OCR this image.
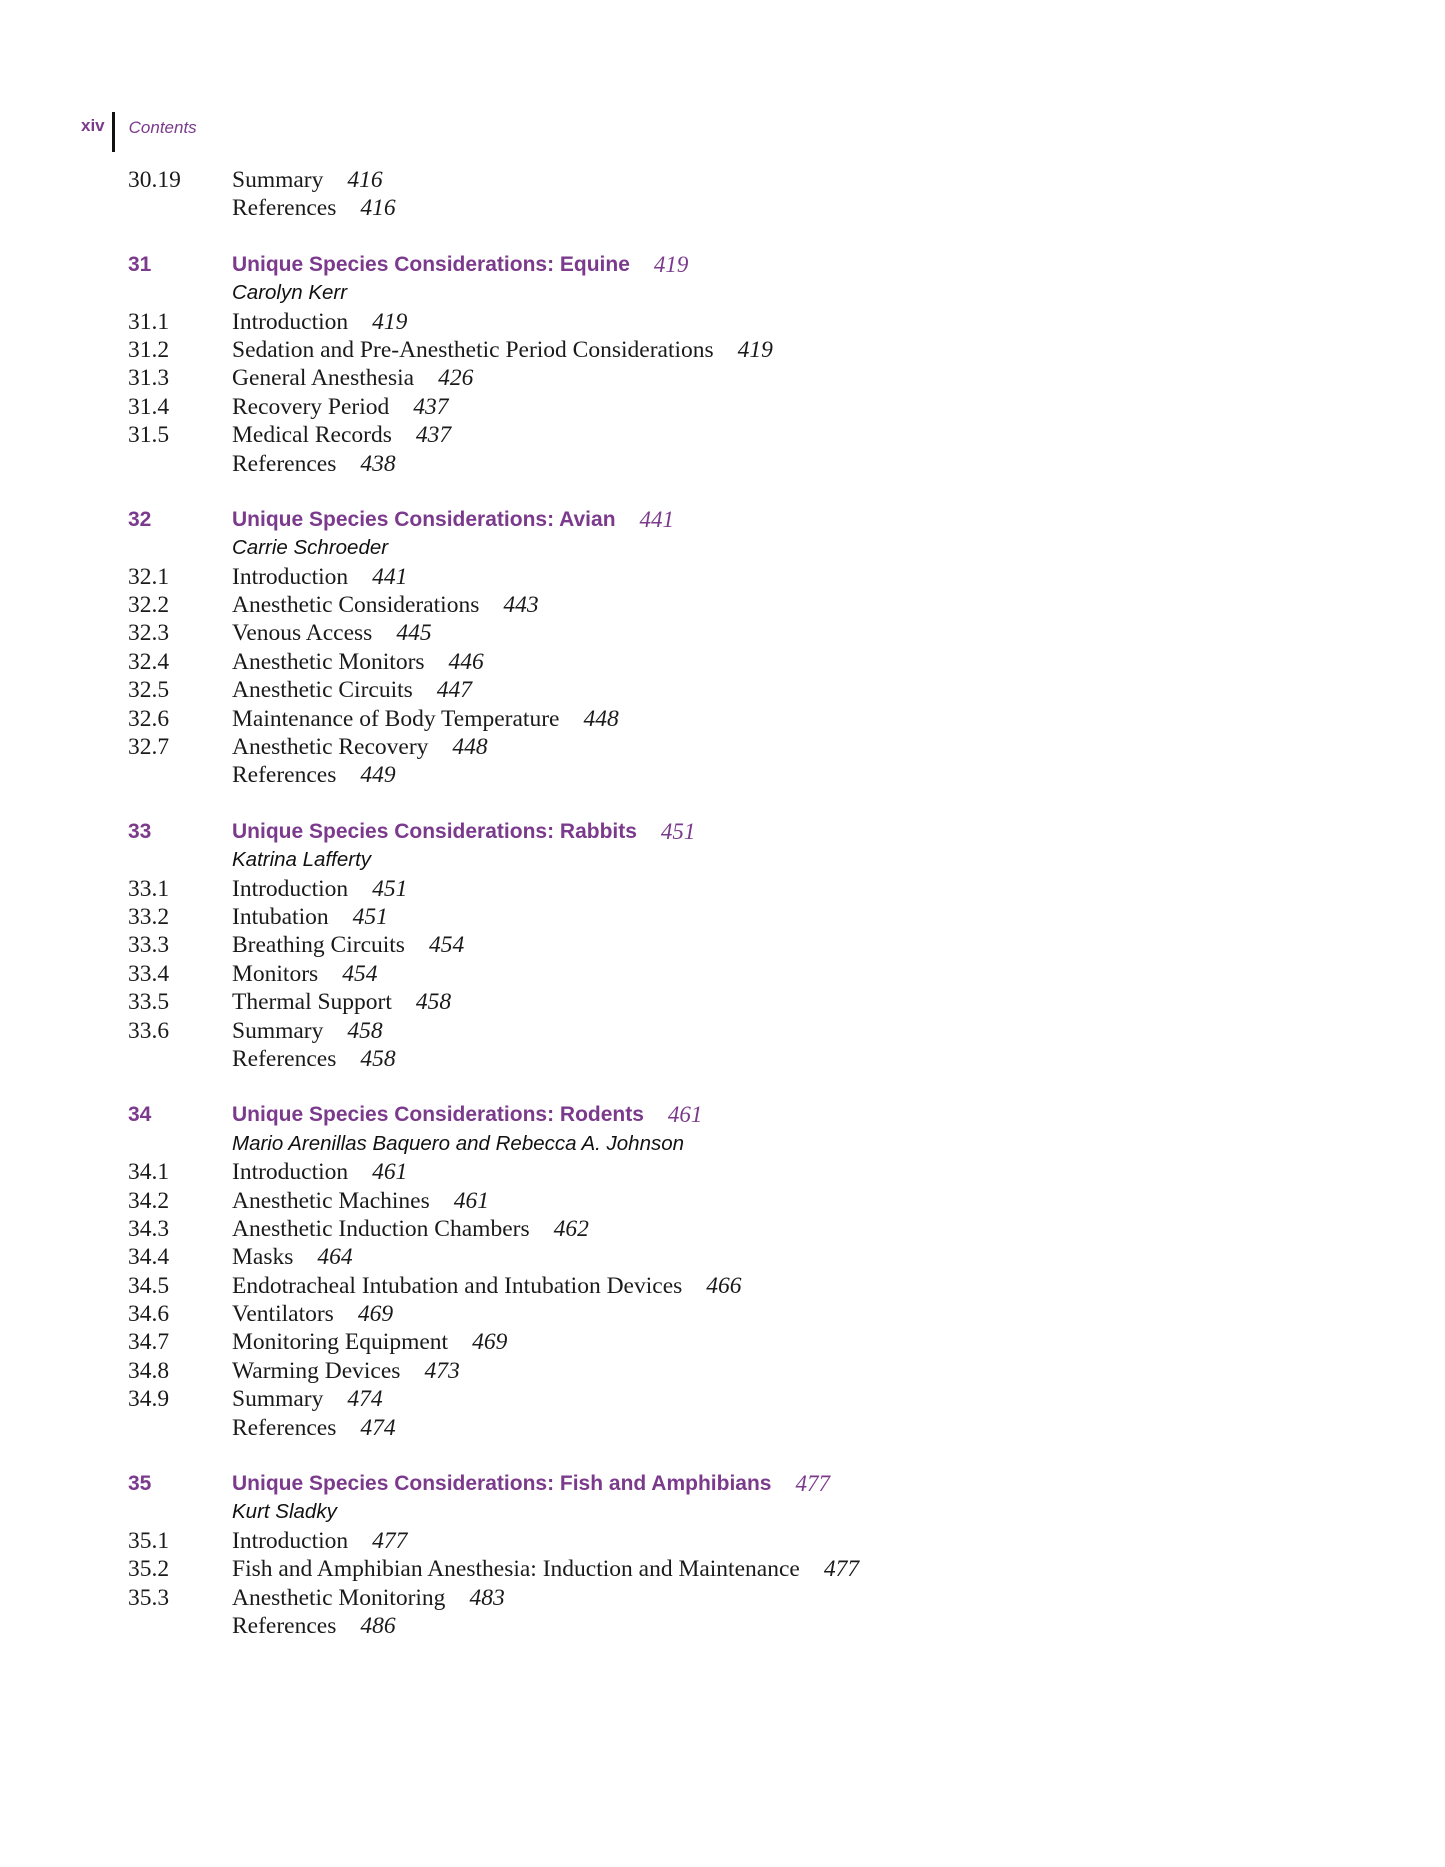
xiv Contents
30.19	Summary 416
References 416
31	Unique Species Considerations: Equine 419
Carolyn Kerr
31.1	Introduction 419
31.2	Sedation and Pre-Anesthetic Period Considerations 419
31.3	General Anesthesia 426
31.4	Recovery Period 437
31.5	Medical Records 437
References 438
32	Unique Species Considerations: Avian 441
Carrie Schroeder
32.1	Introduction 441
32.2	Anesthetic Considerations 443
32.3	Venous Access 445
32.4	Anesthetic Monitors 446
32.5	Anesthetic Circuits 447
32.6	Maintenance of Body Temperature 448
32.7	Anesthetic Recovery 448
References 449
33	Unique Species Considerations: Rabbits 451
Katrina Lafferty
33.1	Introduction 451
33.2	Intubation 451
33.3	Breathing Circuits 454
33.4	Monitors 454
33.5	Thermal Support 458
33.6	Summary 458
References 458
34	Unique Species Considerations: Rodents 461
Mario Arenillas Baquero and Rebecca A. Johnson
34.1	Introduction 461
34.2	Anesthetic Machines 461
34.3	Anesthetic Induction Chambers 462
34.4	Masks 464
34.5	Endotracheal Intubation and Intubation Devices 466
34.6	Ventilators 469
34.7	Monitoring Equipment 469
34.8	Warming Devices 473
34.9	Summary 474
References 474
35	Unique Species Considerations: Fish and Amphibians 477
Kurt Sladky
35.1	Introduction 477
35.2	Fish and Amphibian Anesthesia: Induction and Maintenance 477
35.3	Anesthetic Monitoring 483
References 486
